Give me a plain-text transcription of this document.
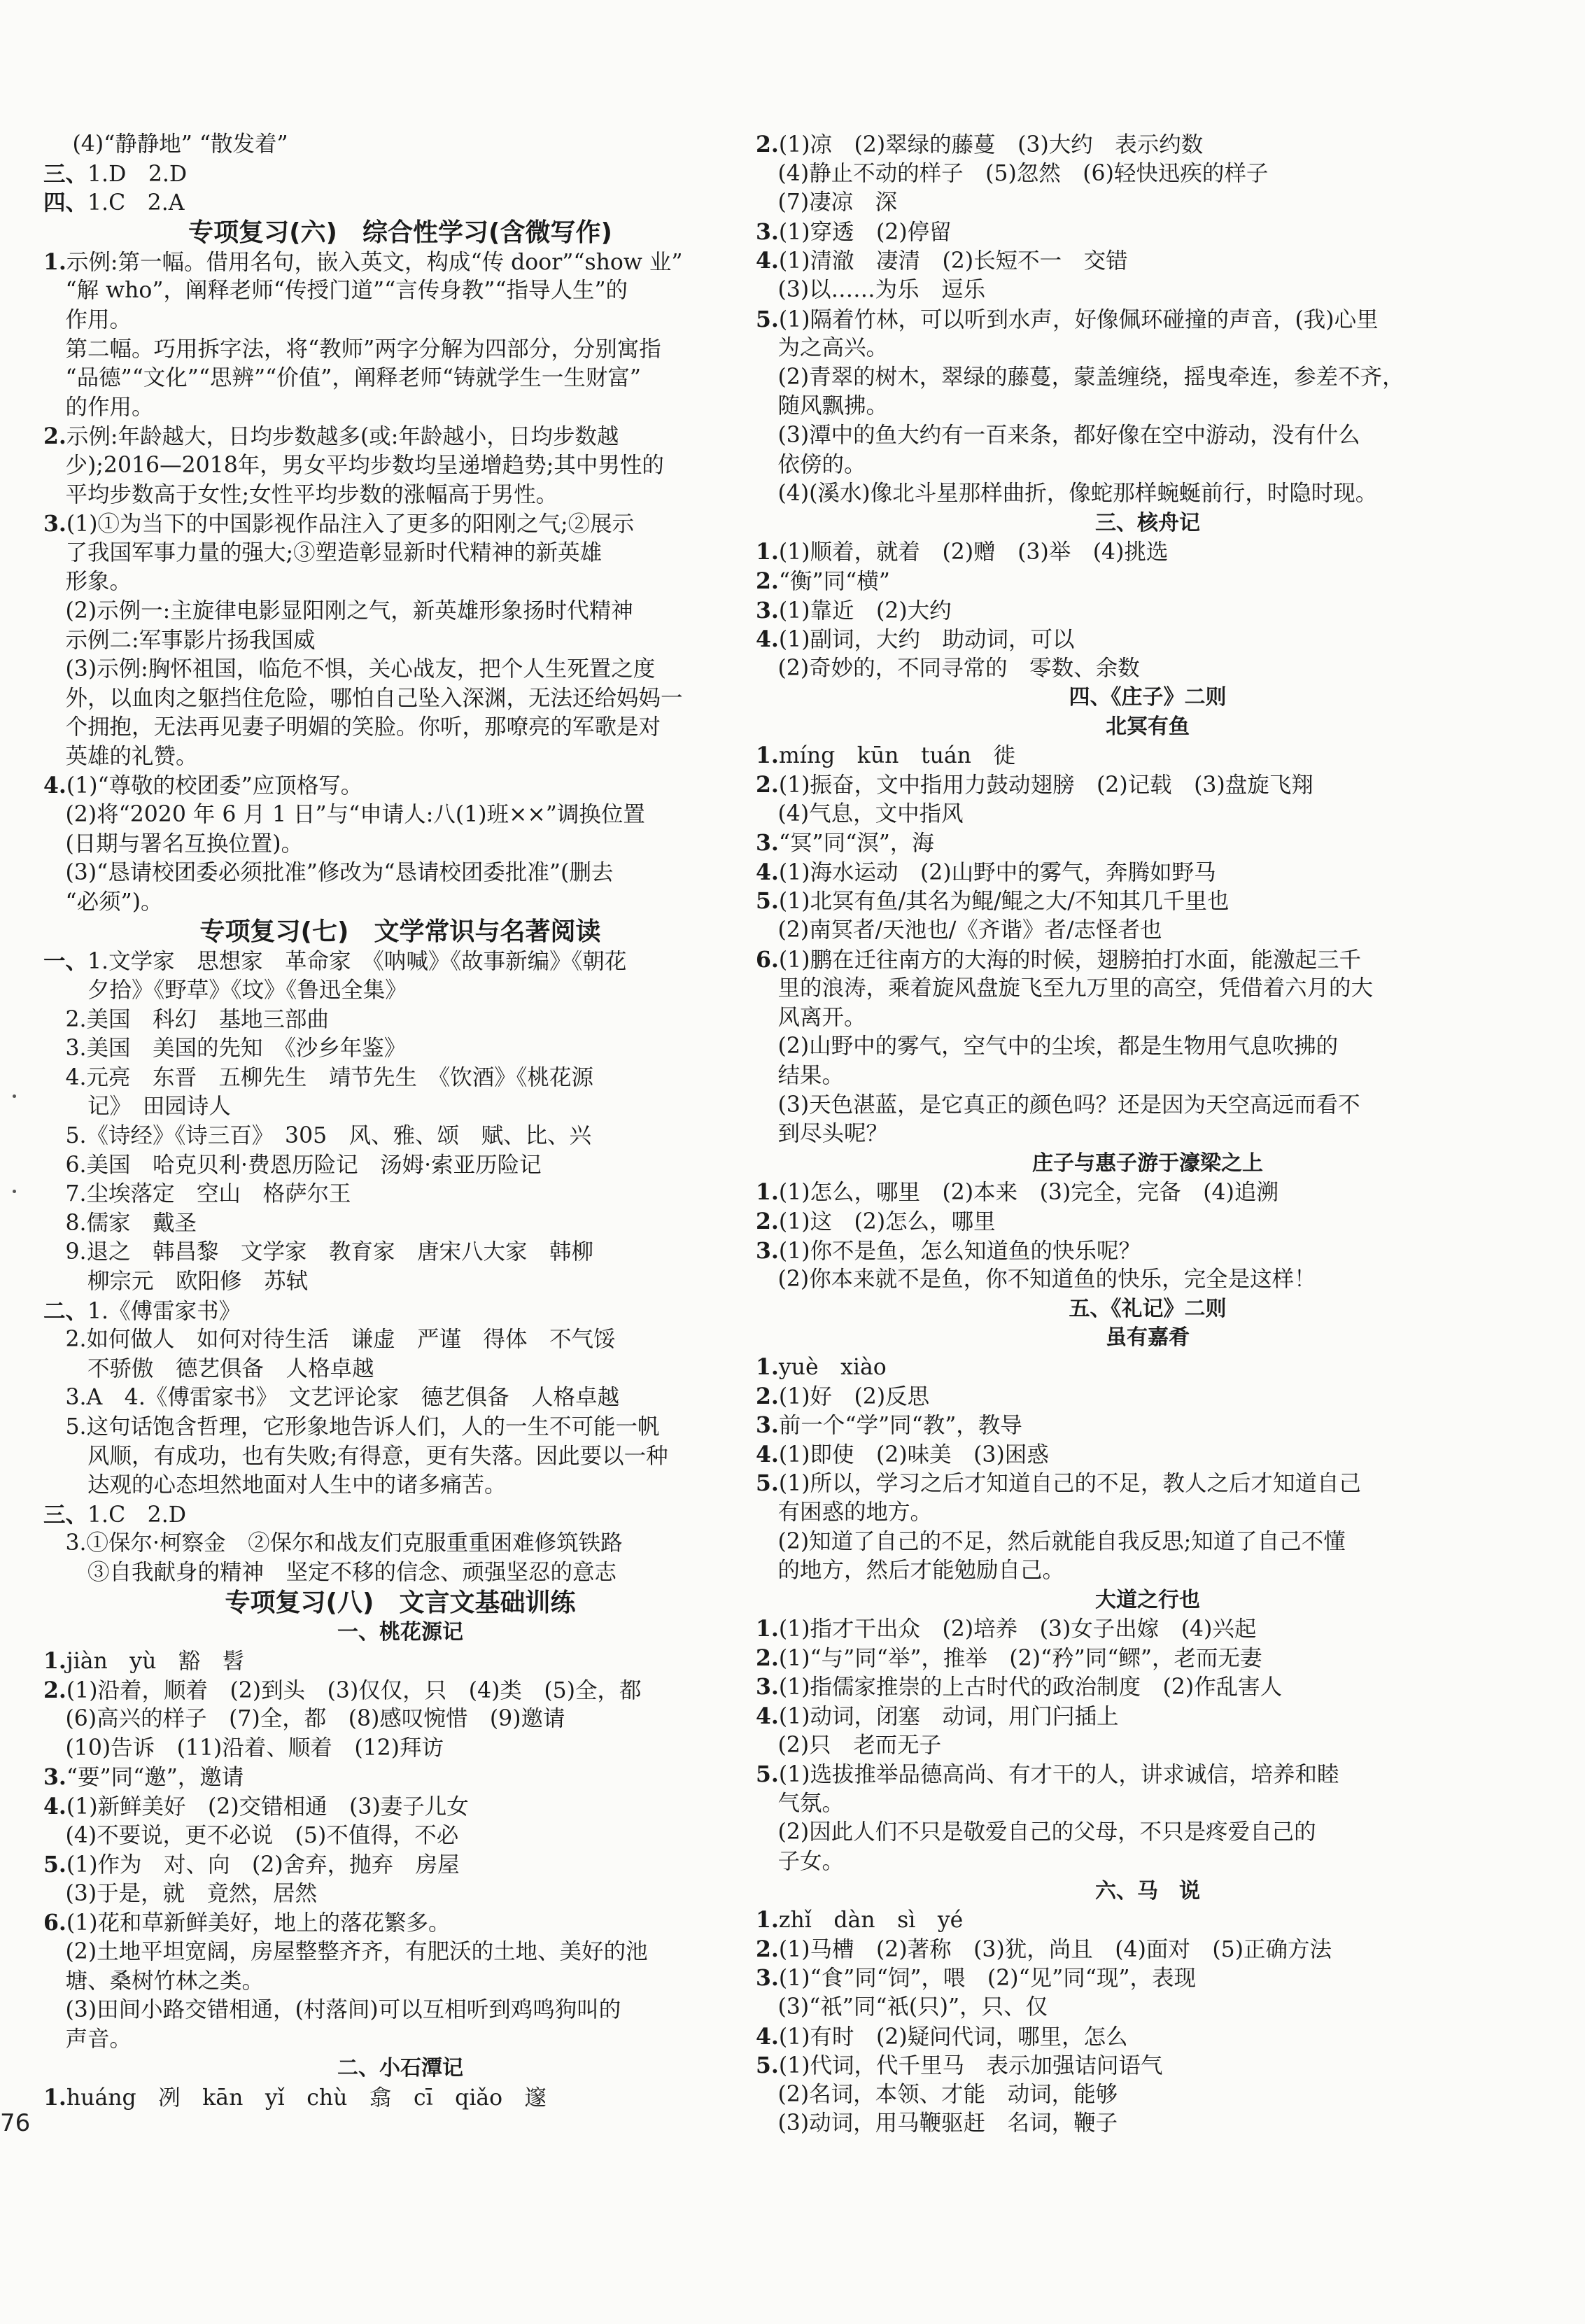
　 (4)“静静地” “散发着”
三、1.D　2.D
四、1.C　2.A
专项复习(六)　综合性学习(含微写作)
1.示例:第一幅。借用名句，嵌入英文，构成“传 door”“show 业”
　“解 who”，阐释老师“传授门道”“言传身教”“指导人生”的
　作用。
　第二幅。巧用拆字法，将“教师”两字分解为四部分，分别寓指
　“品德”“文化”“思辨”“价值”，阐释老师“铸就学生一生财富”
　的作用。
2.示例:年龄越大，日均步数越多(或:年龄越小，日均步数越
　少);2016—2018年，男女平均步数均呈递增趋势;其中男性的
　平均步数高于女性;女性平均步数的涨幅高于男性。
3.(1)①为当下的中国影视作品注入了更多的阳刚之气;②展示
　了我国军事力量的强大;③塑造彰显新时代精神的新英雄
　形象。
　(2)示例一:主旋律电影显阳刚之气，新英雄形象扬时代精神
　示例二:军事影片扬我国威
　(3)示例:胸怀祖国，临危不惧，关心战友，把个人生死置之度
　外，以血肉之躯挡住危险，哪怕自己坠入深渊，无法还给妈妈一
　个拥抱，无法再见妻子明媚的笑脸。你听，那嘹亮的军歌是对
　英雄的礼赞。
4.(1)“尊敬的校团委”应顶格写。
　(2)将“2020 年 6 月 1 日”与“申请人:八(1)班××”调换位置
　(日期与署名互换位置)。
　(3)“恳请校团委必须批准”修改为“恳请校团委批准”(删去
　“必须”)。
专项复习(七)　文学常识与名著阅读
一、1.文学家　思想家　革命家　《呐喊》《故事新编》《朝花
　　夕拾》《野草》《坟》《鲁迅全集》
　2.美国　科幻　基地三部曲
　3.美国　美国的先知　《沙乡年鉴》
　4.元亮　东晋　五柳先生　靖节先生　《饮酒》《桃花源
　　记》　田园诗人
　5.《诗经》《诗三百》　305　风、雅、颂　赋、比、兴
　6.美国　哈克贝利·费恩历险记　汤姆·索亚历险记
　7.尘埃落定　空山　格萨尔王
　8.儒家　戴圣
　9.退之　韩昌黎　文学家　教育家　唐宋八大家　韩柳
　　柳宗元　欧阳修　苏轼
二、1.《傅雷家书》
　2.如何做人　如何对待生活　谦虚　严谨　得体　不气馁
　　不骄傲　德艺俱备　人格卓越
　3.A　4.《傅雷家书》　文艺评论家　德艺俱备　人格卓越
　5.这句话饱含哲理，它形象地告诉人们，人的一生不可能一帆
　　风顺，有成功，也有失败;有得意，更有失落。因此要以一种
　　达观的心态坦然地面对人生中的诸多痛苦。
三、1.C　2.D
　3.①保尔·柯察金　②保尔和战友们克服重重困难修筑铁路
　　③自我献身的精神　坚定不移的信念、顽强坚忍的意志
专项复习(八)　文言文基础训练
一、桃花源记
1.jiàn　yù　豁　髫
2.(1)沿着，顺着　(2)到头　(3)仅仅，只　(4)类　(5)全，都
　(6)高兴的样子　(7)全，都　(8)感叹惋惜　(9)邀请
　(10)告诉　(11)沿着、顺着　(12)拜访
3.“要”同“邀”，邀请
4.(1)新鲜美好　(2)交错相通　(3)妻子儿女
　(4)不要说，更不必说　(5)不值得，不必
5.(1)作为　对、向　(2)舍弃，抛弃　房屋
　(3)于是，就　竟然，居然
6.(1)花和草新鲜美好，地上的落花繁多。
　(2)土地平坦宽阔，房屋整整齐齐，有肥沃的土地、美好的池
　塘、桑树竹林之类。
　(3)田间小路交错相通，(村落间)可以互相听到鸡鸣狗叫的
　声音。
二、小石潭记
1.huáng　冽　kān　yǐ　chù　翕　cī　qiǎo　邃
2.(1)凉　(2)翠绿的藤蔓　(3)大约　表示约数
　(4)静止不动的样子　(5)忽然　(6)轻快迅疾的样子
　(7)凄凉　深
3.(1)穿透　(2)停留
4.(1)清澈　凄清　(2)长短不一　交错
　(3)以……为乐　逗乐
5.(1)隔着竹林，可以听到水声，好像佩环碰撞的声音，(我)心里
　为之高兴。
　(2)青翠的树木，翠绿的藤蔓，蒙盖缠绕，摇曳牵连，参差不齐，
　随风飘拂。
　(3)潭中的鱼大约有一百来条，都好像在空中游动，没有什么
　依傍的。
　(4)(溪水)像北斗星那样曲折，像蛇那样蜿蜒前行，时隐时现。
三、核舟记
1.(1)顺着，就着　(2)赠　(3)举　(4)挑选
2.“衡”同“横”
3.(1)靠近　(2)大约
4.(1)副词，大约　助动词，可以
　(2)奇妙的，不同寻常的　零数、余数
四、《庄子》二则
北冥有鱼
1.míng　kūn　tuán　徙
2.(1)振奋，文中指用力鼓动翅膀　(2)记载　(3)盘旋飞翔
　(4)气息，文中指风
3.“冥”同“溟”，海
4.(1)海水运动　(2)山野中的雾气，奔腾如野马
5.(1)北冥有鱼/其名为鲲/鲲之大/不知其几千里也
　(2)南冥者/天池也/《齐谐》者/志怪者也
6.(1)鹏在迁往南方的大海的时候，翅膀拍打水面，能激起三千
　里的浪涛，乘着旋风盘旋飞至九万里的高空，凭借着六月的大
　风离开。
　(2)山野中的雾气，空气中的尘埃，都是生物用气息吹拂的
　结果。
　(3)天色湛蓝，是它真正的颜色吗？还是因为天空高远而看不
　到尽头呢？
庄子与惠子游于濠梁之上
1.(1)怎么，哪里　(2)本来　(3)完全，完备　(4)追溯
2.(1)这　(2)怎么，哪里
3.(1)你不是鱼，怎么知道鱼的快乐呢？
　(2)你本来就不是鱼，你不知道鱼的快乐，完全是这样！
五、《礼记》二则
虽有嘉肴
1.yuè　xiào
2.(1)好　(2)反思
3.前一个“学”同“教”，教导
4.(1)即使　(2)味美　(3)困惑
5.(1)所以，学习之后才知道自己的不足，教人之后才知道自己
　有困惑的地方。
　(2)知道了自己的不足，然后就能自我反思;知道了自己不懂
　的地方，然后才能勉励自己。
大道之行也
1.(1)指才干出众　(2)培养　(3)女子出嫁　(4)兴起
2.(1)“与”同“举”，推举　(2)“矜”同“鳏”，老而无妻
3.(1)指儒家推崇的上古时代的政治制度　(2)作乱害人
4.(1)动词，闭塞　动词，用门闩插上
　(2)只　老而无子
5.(1)选拔推举品德高尚、有才干的人，讲求诚信，培养和睦
　气氛。
　(2)因此人们不只是敬爱自己的父母，不只是疼爱自己的
　子女。
六、马　说
1.zhǐ　dàn　sì　yé
2.(1)马槽　(2)著称　(3)犹，尚且　(4)面对　(5)正确方法
3.(1)“食”同“饲”，喂　(2)“见”同“现”，表现
　(3)“祇”同“祇(只)”，只、仅
4.(1)有时　(2)疑问代词，哪里，怎么
5.(1)代词，代千里马　表示加强诘问语气
　(2)名词，本领、才能　动词，能够
　(3)动词，用马鞭驱赶　名词，鞭子
76
